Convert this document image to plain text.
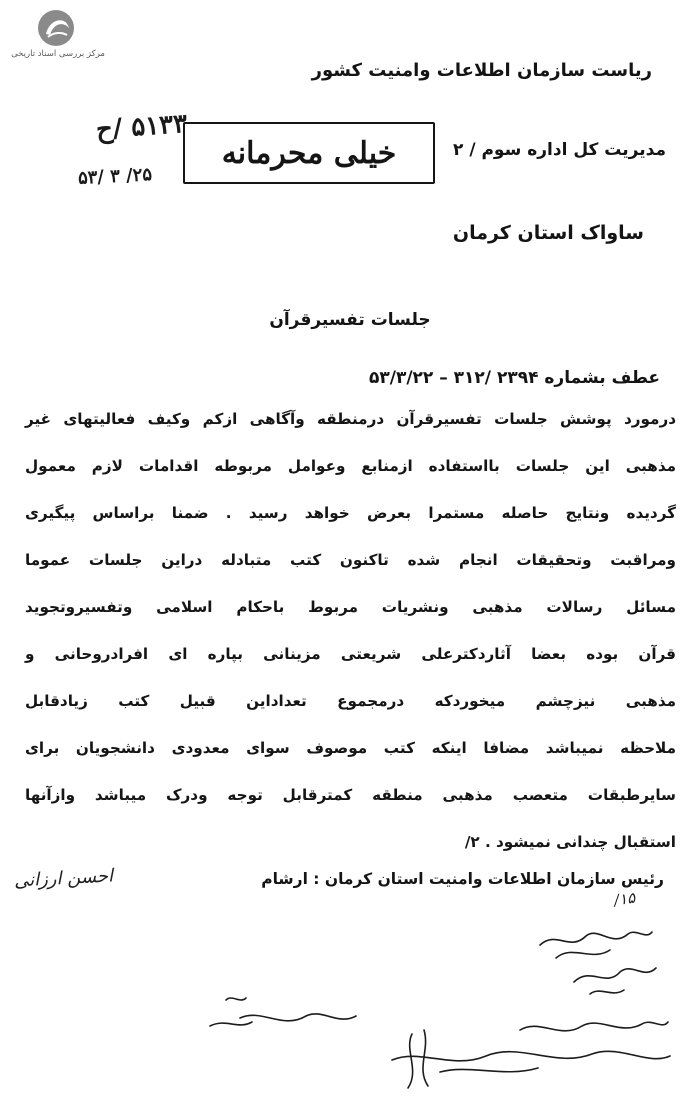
مرکز بررسی اسناد تاریخی
ریاست سازمان اطلاعات وامنیت کشور
مدیریت کل اداره سوم / ۲
ساواک استان کرمان
خیلی محرمانه
۵۱۳۳ /ح
۲۵/ ۳ /۵۳
جلسات تفسیرقرآن
عطف بشماره ۲۳۹۴ /۳۱۲ – ۵۳/۳/۲۲
درمورد پوشش جلسات تفسیرقرآن درمنطقه وآگاهی ازکم وکیف فعالیتهای غیر
مذهبی این جلسات بااستفاده ازمنابع وعوامل مربوطه اقدامات لازم معمول
گردیده ونتایج حاصله مستمرا بعرض خواهد رسید . ضمنا براساس پیگیری
ومراقبت وتحقیقات انجام شده تاکنون کتب متبادله دراین جلسات عموما
مسائل رسالات مذهبی ونشریات مربوط باحکام اسلامی وتفسیروتجوید
قرآن بوده بعضا آثاردکترعلی شریعتی مزینانی بپاره ای افرادروحانی و
مذهبی نیزچشم میخوردکه درمجموع تعداداین قبیل کتب زیادقابل
ملاحظه نمیباشد مضافا اینکه کتب موصوف سوای معدودی دانشجویان برای
سایرطبقات متعصب مذهبی منطقه کمترقابل توجه ودرک میباشد وازآنها
استقبال چندانی نمیشود . ۲/
رئیس سازمان اطلاعات وامنیت استان کرمان : ارشام
احسن ارزانی
۱۵/
